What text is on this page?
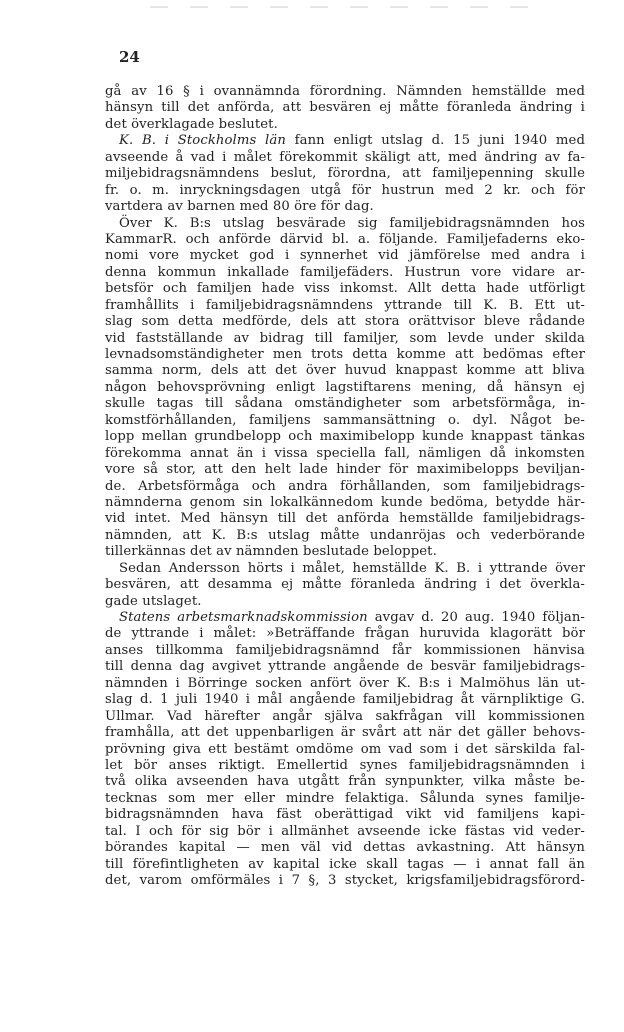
24
gå av 16 § i ovannämnda förordning. Nämnden hemställde med
hänsyn till det anförda, att besvären ej måtte föranleda ändring i
det överklagade beslutet.
K. B. i Stockholms län fann enligt utslag d. 15 juni 1940 med
avseende å vad i målet förekommit skäligt att, med ändring av fa-
miljebidragsnämndens beslut, förordna, att familjepenning skulle
fr. o. m. inryckningsdagen utgå för hustrun med 2 kr. och för
vartdera av barnen med 80 öre för dag.
Över K. B:s utslag besvärade sig familjebidragsnämnden hos
KammarR. och anförde därvid bl. a. följande. Familjefaderns eko-
nomi vore mycket god i synnerhet vid jämförelse med andra i
denna kommun inkallade familjefäders. Hustrun vore vidare ar-
betsför och familjen hade viss inkomst. Allt detta hade utförligt
framhållits i familjebidragsnämndens yttrande till K. B. Ett ut-
slag som detta medförde, dels att stora orättvisor bleve rådande
vid fastställande av bidrag till familjer, som levde under skilda
levnadsomständigheter men trots detta komme att bedömas efter
samma norm, dels att det över huvud knappast komme att bliva
någon behovsprövning enligt lagstiftarens mening, då hänsyn ej
skulle tagas till sådana omständigheter som arbetsförmåga, in-
komstförhållanden, familjens sammansättning o. dyl. Något be-
lopp mellan grundbelopp och maximibelopp kunde knappast tänkas
förekomma annat än i vissa speciella fall, nämligen då inkomsten
vore så stor, att den helt lade hinder för maximibelopps beviljan-
de. Arbetsförmåga och andra förhållanden, som familjebidrags-
nämnderna genom sin lokalkännedom kunde bedöma, betydde här-
vid intet. Med hänsyn till det anförda hemställde familjebidrags-
nämnden, att K. B:s utslag måtte undanröjas och vederbörande
tillerkännas det av nämnden beslutade beloppet.
Sedan Andersson hörts i målet, hemställde K. B. i yttrande över
besvären, att desamma ej måtte föranleda ändring i det överkla-
gade utslaget.
Statens arbetsmarknadskommission avgav d. 20 aug. 1940 följan-
de yttrande i målet: »Beträffande frågan huruvida klagorätt bör
anses tillkomma familjebidragsnämnd får kommissionen hänvisa
till denna dag avgivet yttrande angående de besvär familjebidrags-
nämnden i Börringe socken anfört över K. B:s i Malmöhus län ut-
slag d. 1 juli 1940 i mål angående familjebidrag åt värnpliktige G.
Ullmar. Vad härefter angår själva sakfrågan vill kommissionen
framhålla, att det uppenbarligen är svårt att när det gäller behovs-
prövning giva ett bestämt omdöme om vad som i det särskilda fal-
let bör anses riktigt. Emellertid synes familjebidragsnämnden i
två olika avseenden hava utgått från synpunkter, vilka måste be-
tecknas som mer eller mindre felaktiga. Sålunda synes familje-
bidragsnämnden hava fäst oberättigad vikt vid familjens kapi-
tal. I och för sig bör i allmänhet avseende icke fästas vid veder-
börandes kapital — men väl vid dettas avkastning. Att hänsyn
till förefintligheten av kapital icke skall tagas — i annat fall än
det, varom omförmäles i 7 §, 3 stycket, krigsfamiljebidragsförord-
